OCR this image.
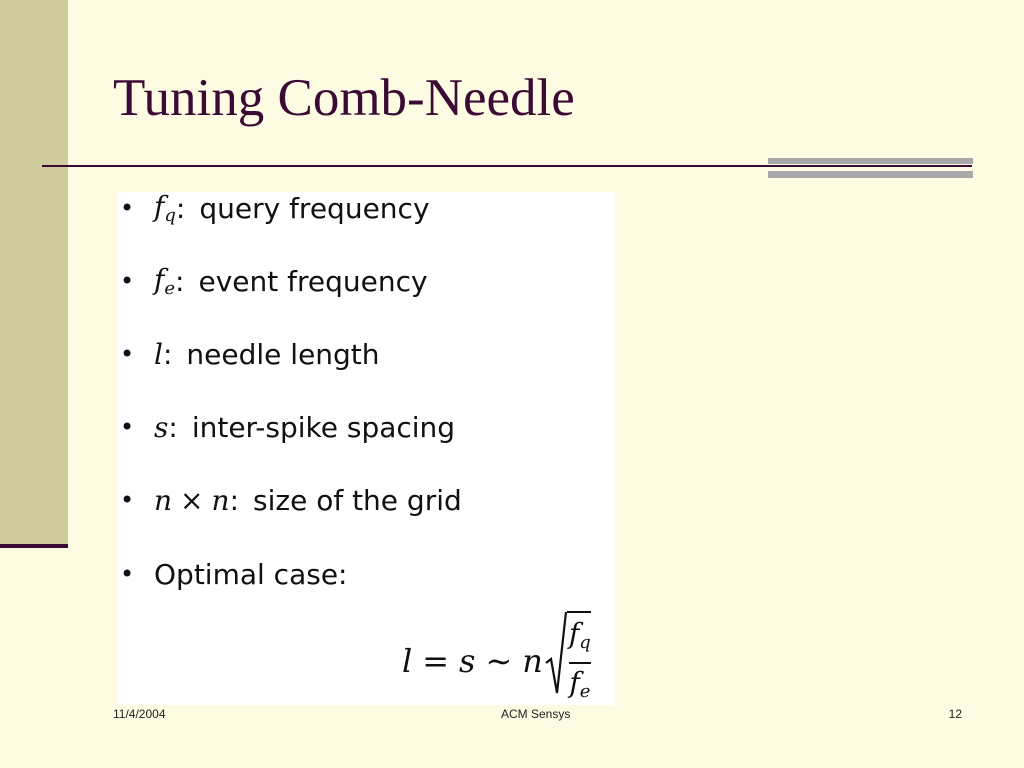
Tuning Comb-Needle
• $f_q$ : query frequency
• $f_e$ : event frequency
• l : needle length
• s : inter-spike spacing
• n × n : size of the grid
• Optimal case:
l = s ∼ n $\frac{f_q}{f_e}$
11/4/2004	ACM Sensys	12
